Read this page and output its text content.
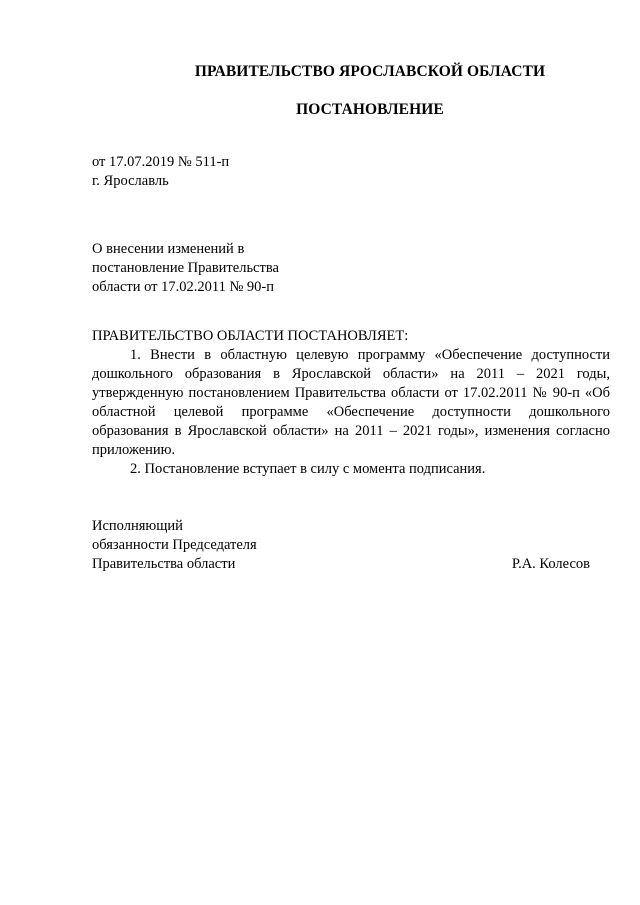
ПРАВИТЕЛЬСТВО ЯРОСЛАВСКОЙ ОБЛАСТИ
ПОСТАНОВЛЕНИЕ
от 17.07.2019 № 511-п
г. Ярославль
О внесении изменений в
постановление Правительства
области от 17.02.2011 № 90-п
ПРАВИТЕЛЬСТВО ОБЛАСТИ ПОСТАНОВЛЯЕТ:
1. Внести в областную целевую программу «Обеспечение доступности дошкольного образования в Ярославской области» на 2011 – 2021 годы, утвержденную постановлением Правительства области от 17.02.2011 № 90-п «Об областной целевой программе «Обеспечение доступности дошкольного образования в Ярославской области» на 2011 – 2021 годы», изменения согласно приложению.
2. Постановление вступает в силу с момента подписания.
Исполняющий
обязанности Председателя
Правительства области	Р.А. Колесов
